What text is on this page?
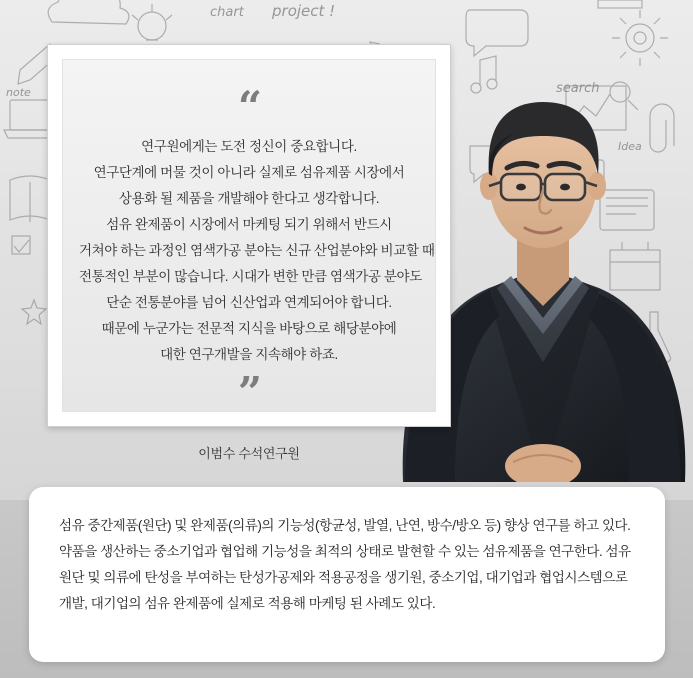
chart project !
search
Idea
note	“
연구원에게는 도전 정신이 중요합니다.
연구단계에 머물 것이 아니라 실제로 섬유제품 시장에서
상용화 될 제품을 개발해야 한다고 생각합니다.
섬유 완제품이 시장에서 마케팅 되기 위해서 반드시
거쳐야 하는 과정인 염색가공 분야는 신규 산업분야와 비교할 때
전통적인 부분이 많습니다. 시대가 변한 만큼 염색가공 분야도
단순 전통분야를 넘어 신산업과 연계되어야 합니다.
때문에 누군가는 전문적 지식을 바탕으로 해당분야에
대한 연구개발을 지속해야 하죠.
”
이범수 수석연구원

섬유 중간제품(원단) 및 완제품(의류)의 기능성(항균성, 발열, 난연, 방수/방오 등) 향상 연구를 하고 있다. 약품을 생산하는 중소기업과 협업해 기능성을 최적의 상태로 발현할 수 있는 섬유제품을 연구한다. 섬유 원단 및 의류에 탄성을 부여하는 탄성가공제와 적용공정을 생기원, 중소기업, 대기업과 협업시스템으로 개발, 대기업의 섬유 완제품에 실제로 적용해 마케팅 된 사례도 있다.
